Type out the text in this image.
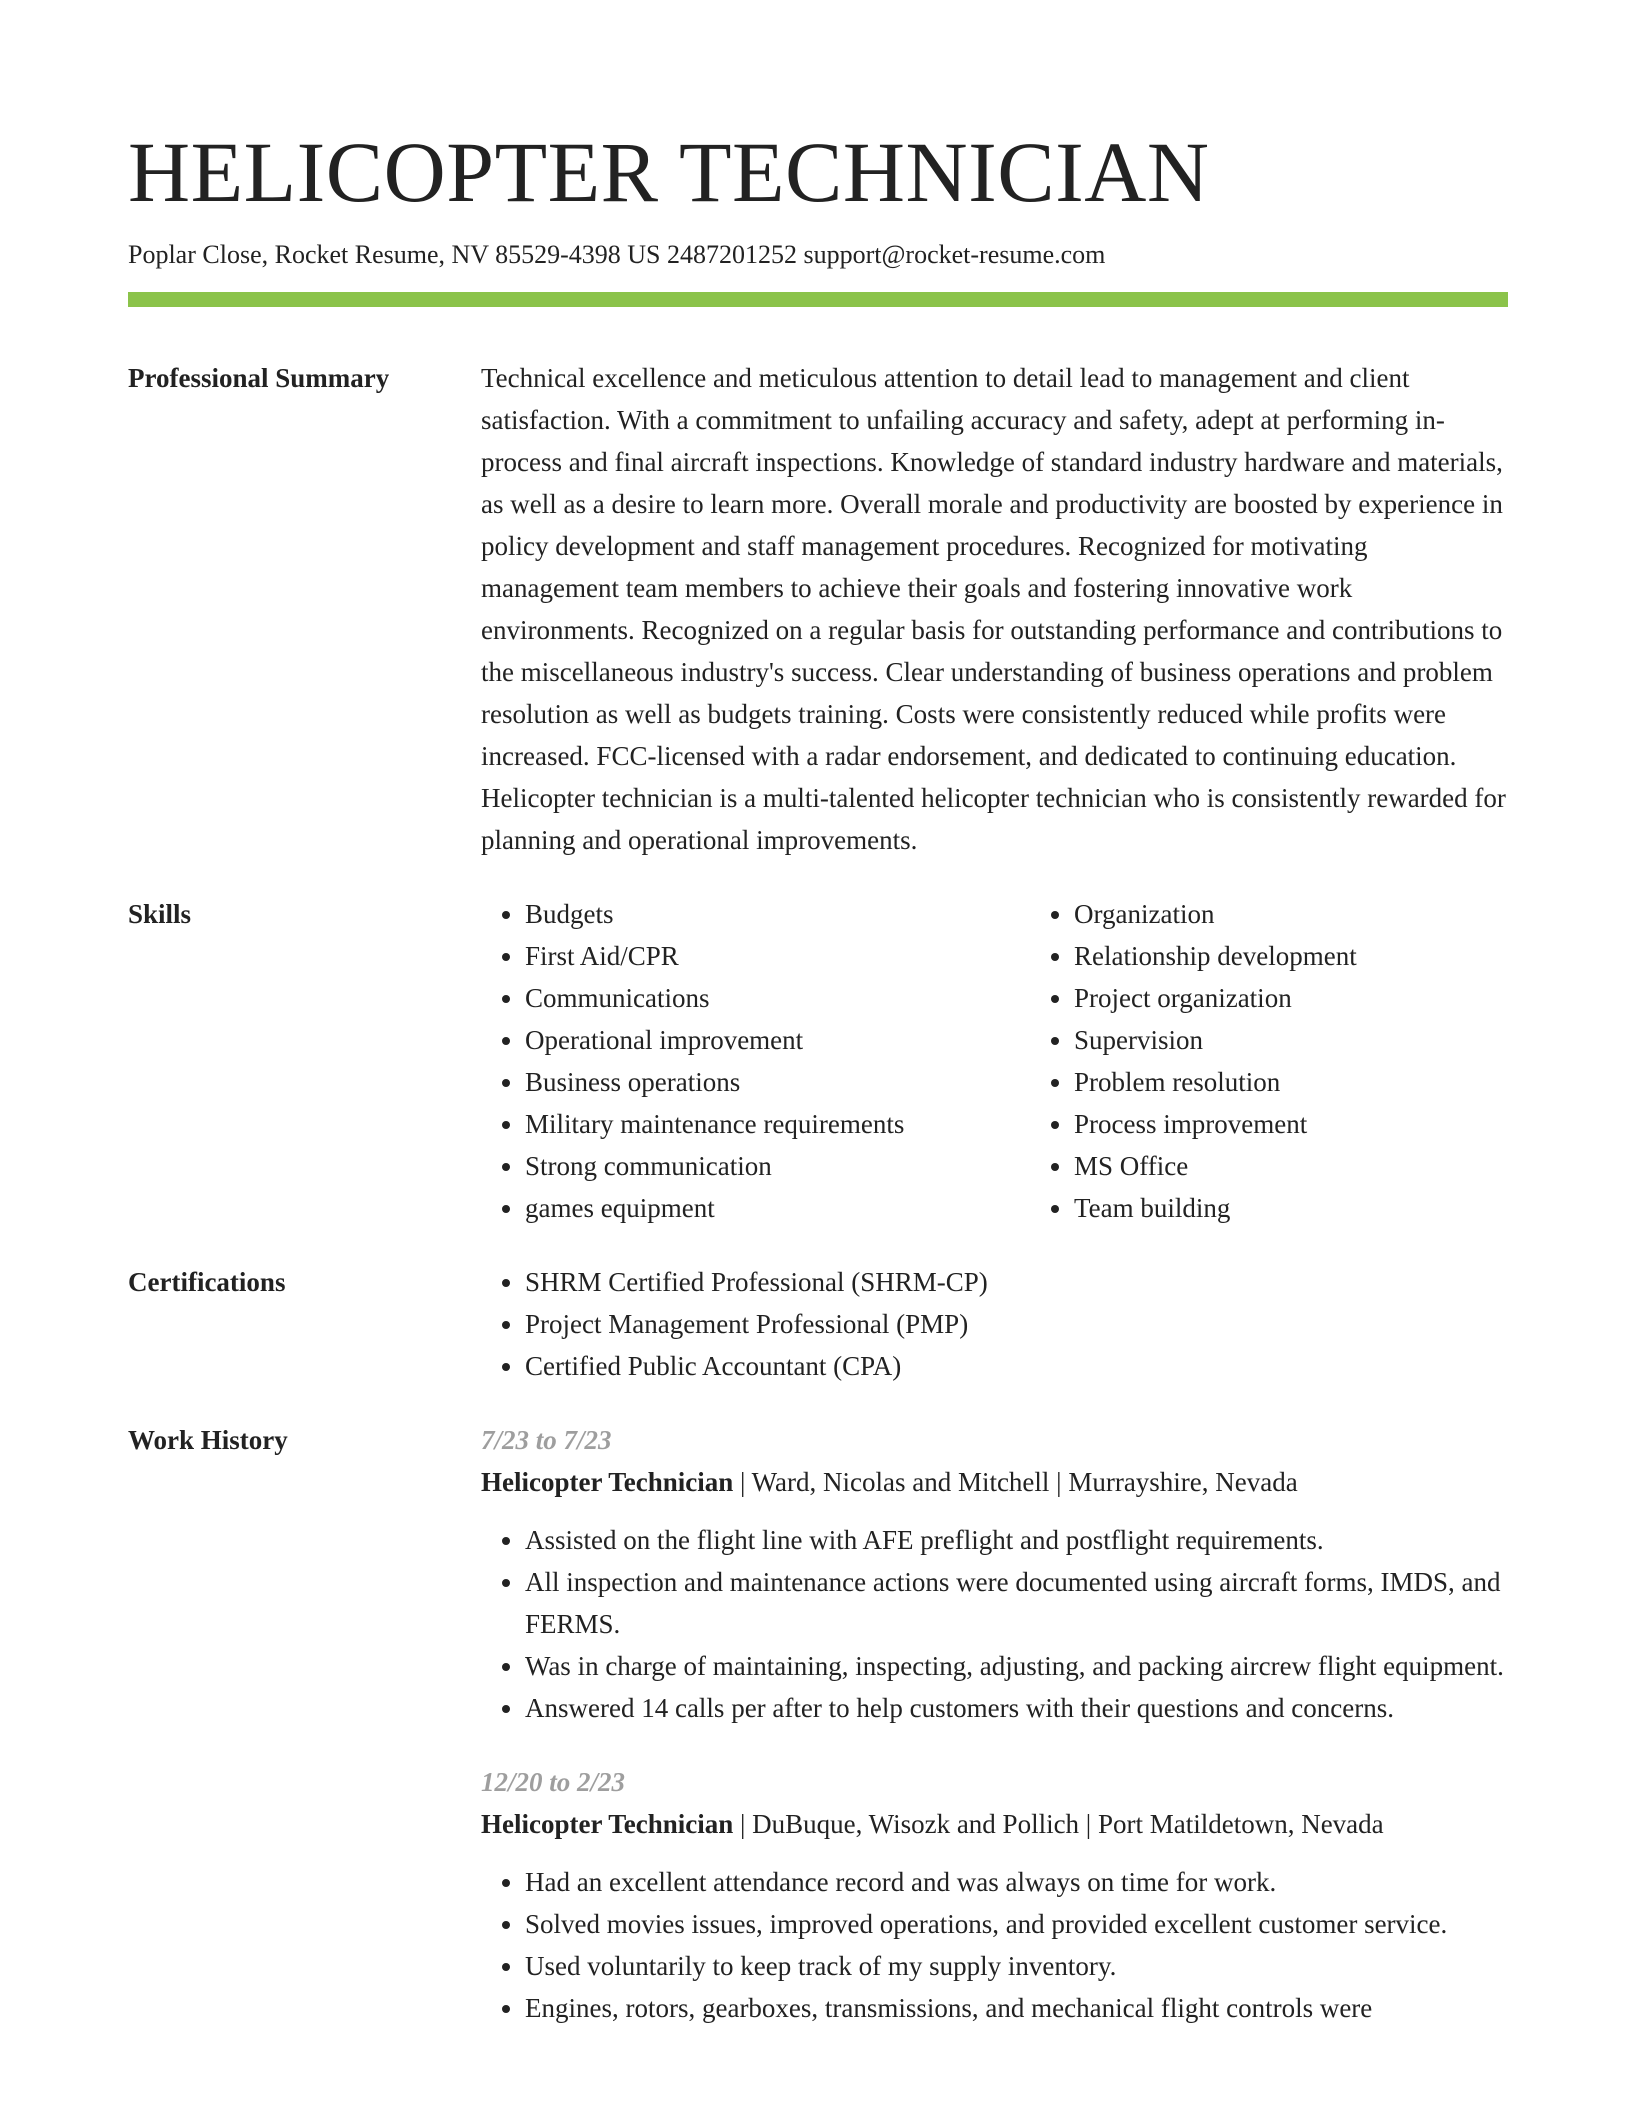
HELICOPTER TECHNICIAN
Poplar Close, Rocket Resume, NV 85529-4398 US 2487201252 support@rocket-resume.com
Professional Summary	Technical excellence and meticulous attention to detail lead to management and client satisfaction. With a commitment to unfailing accuracy and safety, adept at performing in-process and final aircraft inspections. Knowledge of standard industry hardware and materials, as well as a desire to learn more. Overall morale and productivity are boosted by experience in policy development and staff management procedures. Recognized for motivating management team members to achieve their goals and fostering innovative work environments. Recognized on a regular basis for outstanding performance and contributions to the miscellaneous industry's success. Clear understanding of business operations and problem resolution as well as budgets training. Costs were consistently reduced while profits were increased. FCC-licensed with a radar endorsement, and dedicated to continuing education. Helicopter technician is a multi-talented helicopter technician who is consistently rewarded for planning and operational improvements.
Skills	• Budgets
• First Aid/CPR
• Communications
• Operational improvement
• Business operations
• Military maintenance requirements
• Strong communication
• games equipment
• Organization
• Relationship development
• Project organization
• Supervision
• Problem resolution
• Process improvement
• MS Office
• Team building
Certifications	• SHRM Certified Professional (SHRM-CP)
• Project Management Professional (PMP)
• Certified Public Accountant (CPA)
Work History	7/23 to 7/23
Helicopter Technician | Ward, Nicolas and Mitchell | Murrayshire, Nevada
• Assisted on the flight line with AFE preflight and postflight requirements.
• All inspection and maintenance actions were documented using aircraft forms, IMDS, and FERMS.
• Was in charge of maintaining, inspecting, adjusting, and packing aircrew flight equipment.
• Answered 14 calls per after to help customers with their questions and concerns.
12/20 to 2/23
Helicopter Technician | DuBuque, Wisozk and Pollich | Port Matildetown, Nevada
• Had an excellent attendance record and was always on time for work.
• Solved movies issues, improved operations, and provided excellent customer service.
• Used voluntarily to keep track of my supply inventory.
• Engines, rotors, gearboxes, transmissions, and mechanical flight controls were
